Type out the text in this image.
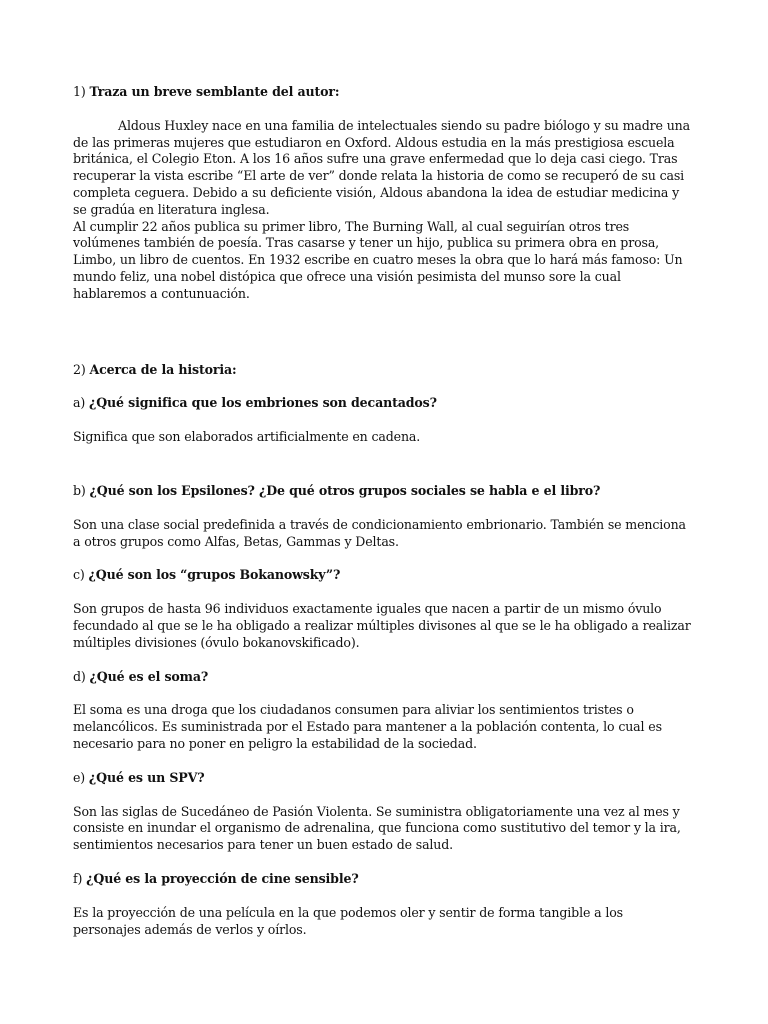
1) Traza un breve semblante del autor:

Aldous Huxley nace en una familia de intelectuales siendo su padre biólogo y su madre una de las primeras mujeres que estudiaron en Oxford. Aldous estudia en la más prestigiosa escuela británica, el Colegio Eton. A los 16 años sufre una grave enfermedad que lo deja casi ciego. Tras recuperar la vista escribe “El arte de ver” donde relata la historia de como se recuperó de su casi completa ceguera. Debido a su deficiente visión, Aldous abandona la idea de estudiar medicina y se gradúa en literatura inglesa.

Al cumplir 22 años publica su primer libro, The Burning Wall, al cual seguirían otros tres volúmenes también de poesía. Tras casarse y tener un hijo, publica su primera obra en prosa, Limbo, un libro de cuentos. En 1932 escribe en cuatro meses la obra que lo hará más famoso: Un mundo feliz, una nobel distópica que ofrece una visión pesimista del munso sore la cual hablaremos a contunuación.

2) Acerca de la historia:

a) ¿Qué significa que los embriones son decantados?

Significa que son elaborados artificialmente en cadena.

b) ¿Qué son los Epsilones? ¿De qué otros grupos sociales se habla e el libro?

Son una clase social predefinida a través de condicionamiento embrionario. También se menciona a otros grupos como Alfas, Betas, Gammas y Deltas.

c) ¿Qué son los “grupos Bokanowsky”?

Son grupos de hasta 96 individuos exactamente iguales que nacen a partir de un mismo óvulo fecundado al que se le ha obligado a realizar múltiples divisones al que se le ha obligado a realizar múltiples divisiones (óvulo bokanovskificado).

d) ¿Qué es el soma?

El soma es una droga que los ciudadanos consumen para aliviar los sentimientos tristes o melancólicos. Es suministrada por el Estado para mantener a la población contenta, lo cual es necesario para no poner en peligro la estabilidad de la sociedad.

e) ¿Qué es un SPV?

Son las siglas de Sucedáneo de Pasión Violenta. Se suministra obligatoriamente una vez al mes y consiste en inundar el organismo de adrenalina, que funciona como sustitutivo del temor y la ira, sentimientos necesarios para tener un buen estado de salud.

f) ¿Qué es la proyección de cine sensible?

Es la proyección de una película en la que podemos oler y sentir de forma tangible a los personajes además de verlos y oírlos.
